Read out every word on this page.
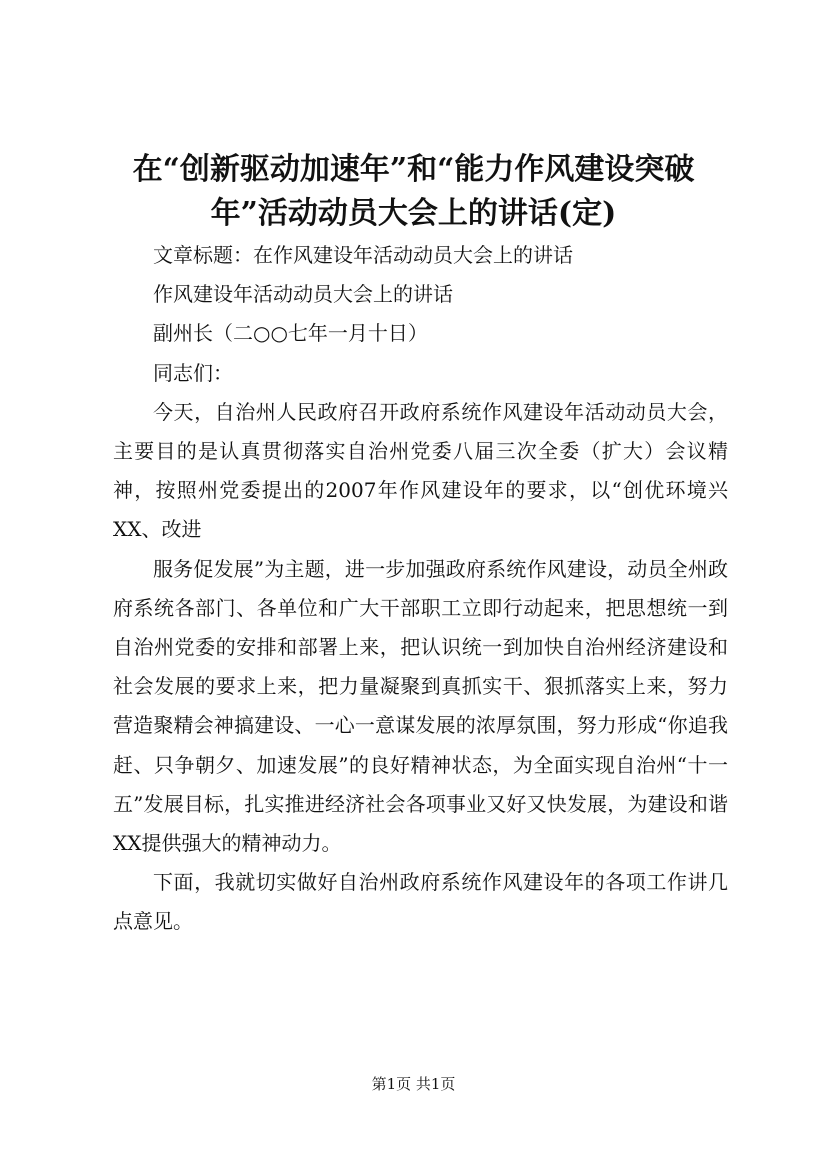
在“创新驱动加速年”和“能力作风建设突破
年”活动动员大会上的讲话(定)

文章标题：在作风建设年活动动员大会上的讲话

作风建设年活动动员大会上的讲话

副州长（二○○七年一月十日）

同志们：

今天，自治州人民政府召开政府系统作风建设年活动动员大会，主要目的是认真贯彻落实自治州党委八届三次全委（扩大）会议精神，按照州党委提出的2007年作风建设年的要求，以“创优环境兴XX、改进

服务促发展”为主题，进一步加强政府系统作风建设，动员全州政府系统各部门、各单位和广大干部职工立即行动起来，把思想统一到自治州党委的安排和部署上来，把认识统一到加快自治州经济建设和社会发展的要求上来，把力量凝聚到真抓实干、狠抓落实上来，努力营造聚精会神搞建设、一心一意谋发展的浓厚氛围，努力形成“你追我赶、只争朝夕、加速发展”的良好精神状态，为全面实现自治州“十一五”发展目标，扎实推进经济社会各项事业又好又快发展，为建设和谐XX提供强大的精神动力。

下面，我就切实做好自治州政府系统作风建设年的各项工作讲几点意见。

第1页 共1页
